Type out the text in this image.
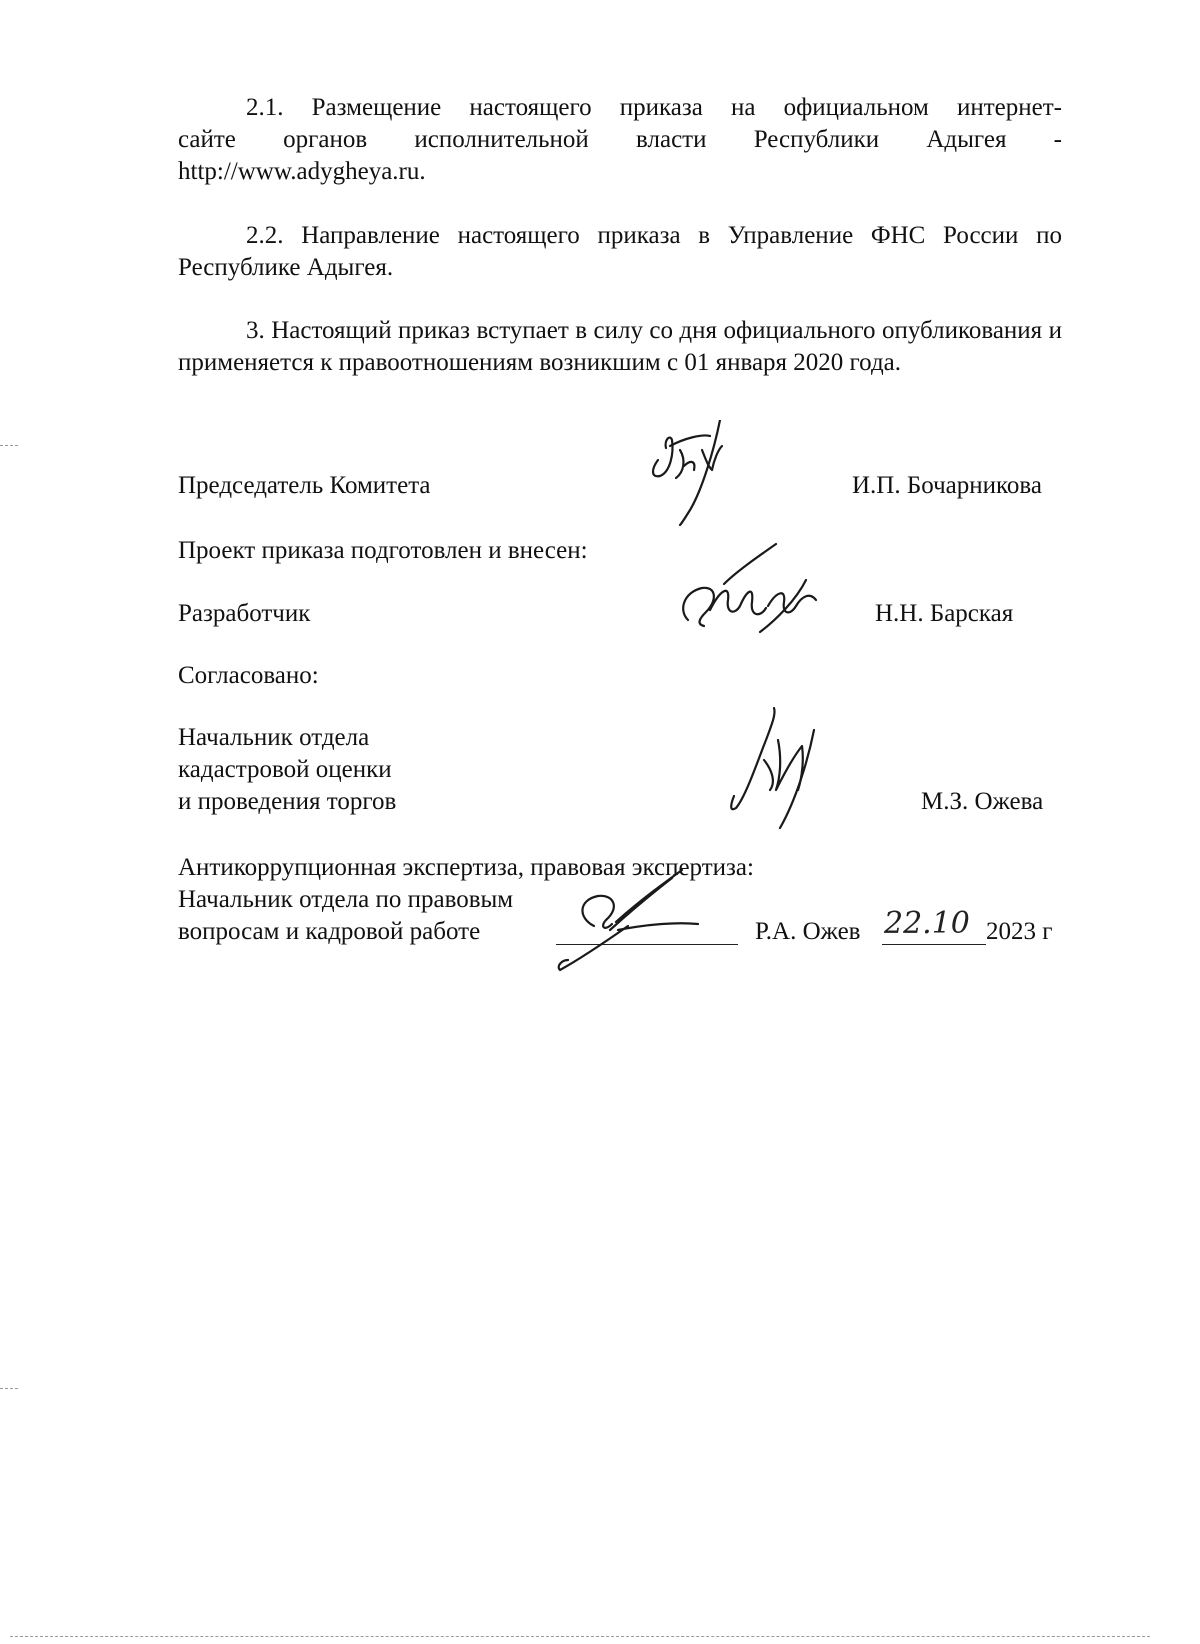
2.1. Размещение настоящего приказа на официальном интернет-
сайте органов исполнительной власти Республики Адыгея -
http://www.adygheya.ru.
2.2. Направление настоящего приказа в Управление ФНС России по Республике Адыгея.
3. Настоящий приказ вступает в силу со дня официального опубликования и применяется к правоотношениям возникшим с 01 января 2020 года.
Председатель Комитета	И.П. Бочарникова
Проект приказа подготовлен и внесен:
Разработчик	Н.Н. Барская
Согласовано:
Начальник отдела
кадастровой оценки
и проведения торгов	М.З. Ожева
Антикоррупционная экспертиза, правовая экспертиза:
Начальник отдела по правовым
вопросам и кадровой работе	Р.А. Ожев 22.10 2023 г
